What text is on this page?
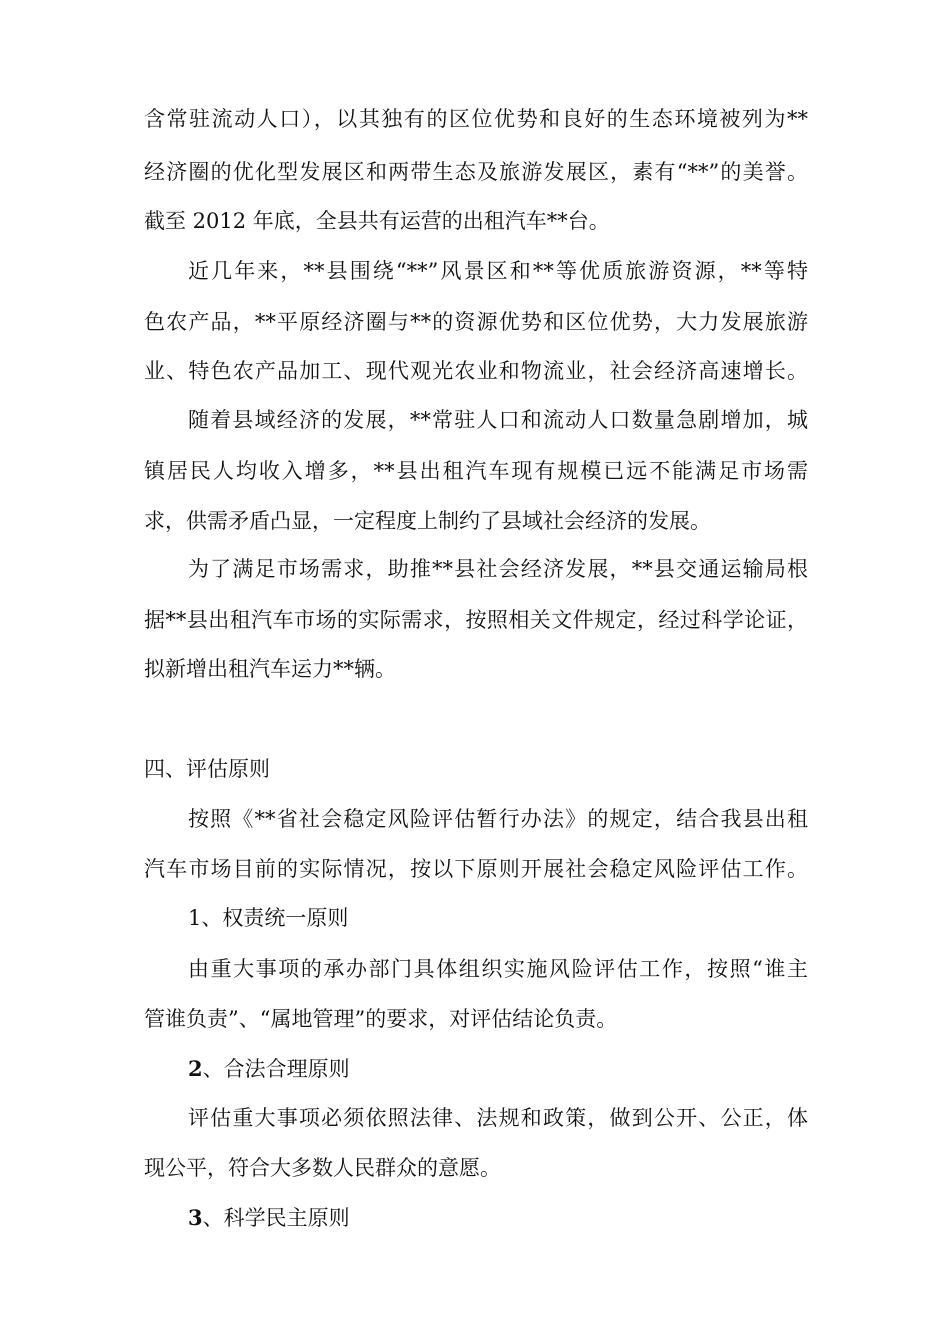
含常驻流动人口），以其独有的区位优势和良好的生态环境被列为**
经济圈的优化型发展区和两带生态及旅游发展区，素有“**”的美誉。
截至 2012 年底，全县共有运营的出租汽车**台。
近几年来，**县围绕“**”风景区和**等优质旅游资源，**等特
色农产品，**平原经济圈与**的资源优势和区位优势，大力发展旅游
业、特色农产品加工、现代观光农业和物流业，社会经济高速增长。
随着县域经济的发展，**常驻人口和流动人口数量急剧增加，城
镇居民人均收入增多，**县出租汽车现有规模已远不能满足市场需
求，供需矛盾凸显，一定程度上制约了县域社会经济的发展。
为了满足市场需求，助推**县社会经济发展，**县交通运输局根
据**县出租汽车市场的实际需求，按照相关文件规定，经过科学论证，
拟新增出租汽车运力**辆。
四、评估原则
按照《**省社会稳定风险评估暂行办法》的规定，结合我县出租
汽车市场目前的实际情况，按以下原则开展社会稳定风险评估工作。
1、权责统一原则
由重大事项的承办部门具体组织实施风险评估工作，按照“谁主
管谁负责”、“属地管理”的要求，对评估结论负责。
2、合法合理原则
评估重大事项必须依照法律、法规和政策，做到公开、公正，体
现公平，符合大多数人民群众的意愿。
3、科学民主原则
